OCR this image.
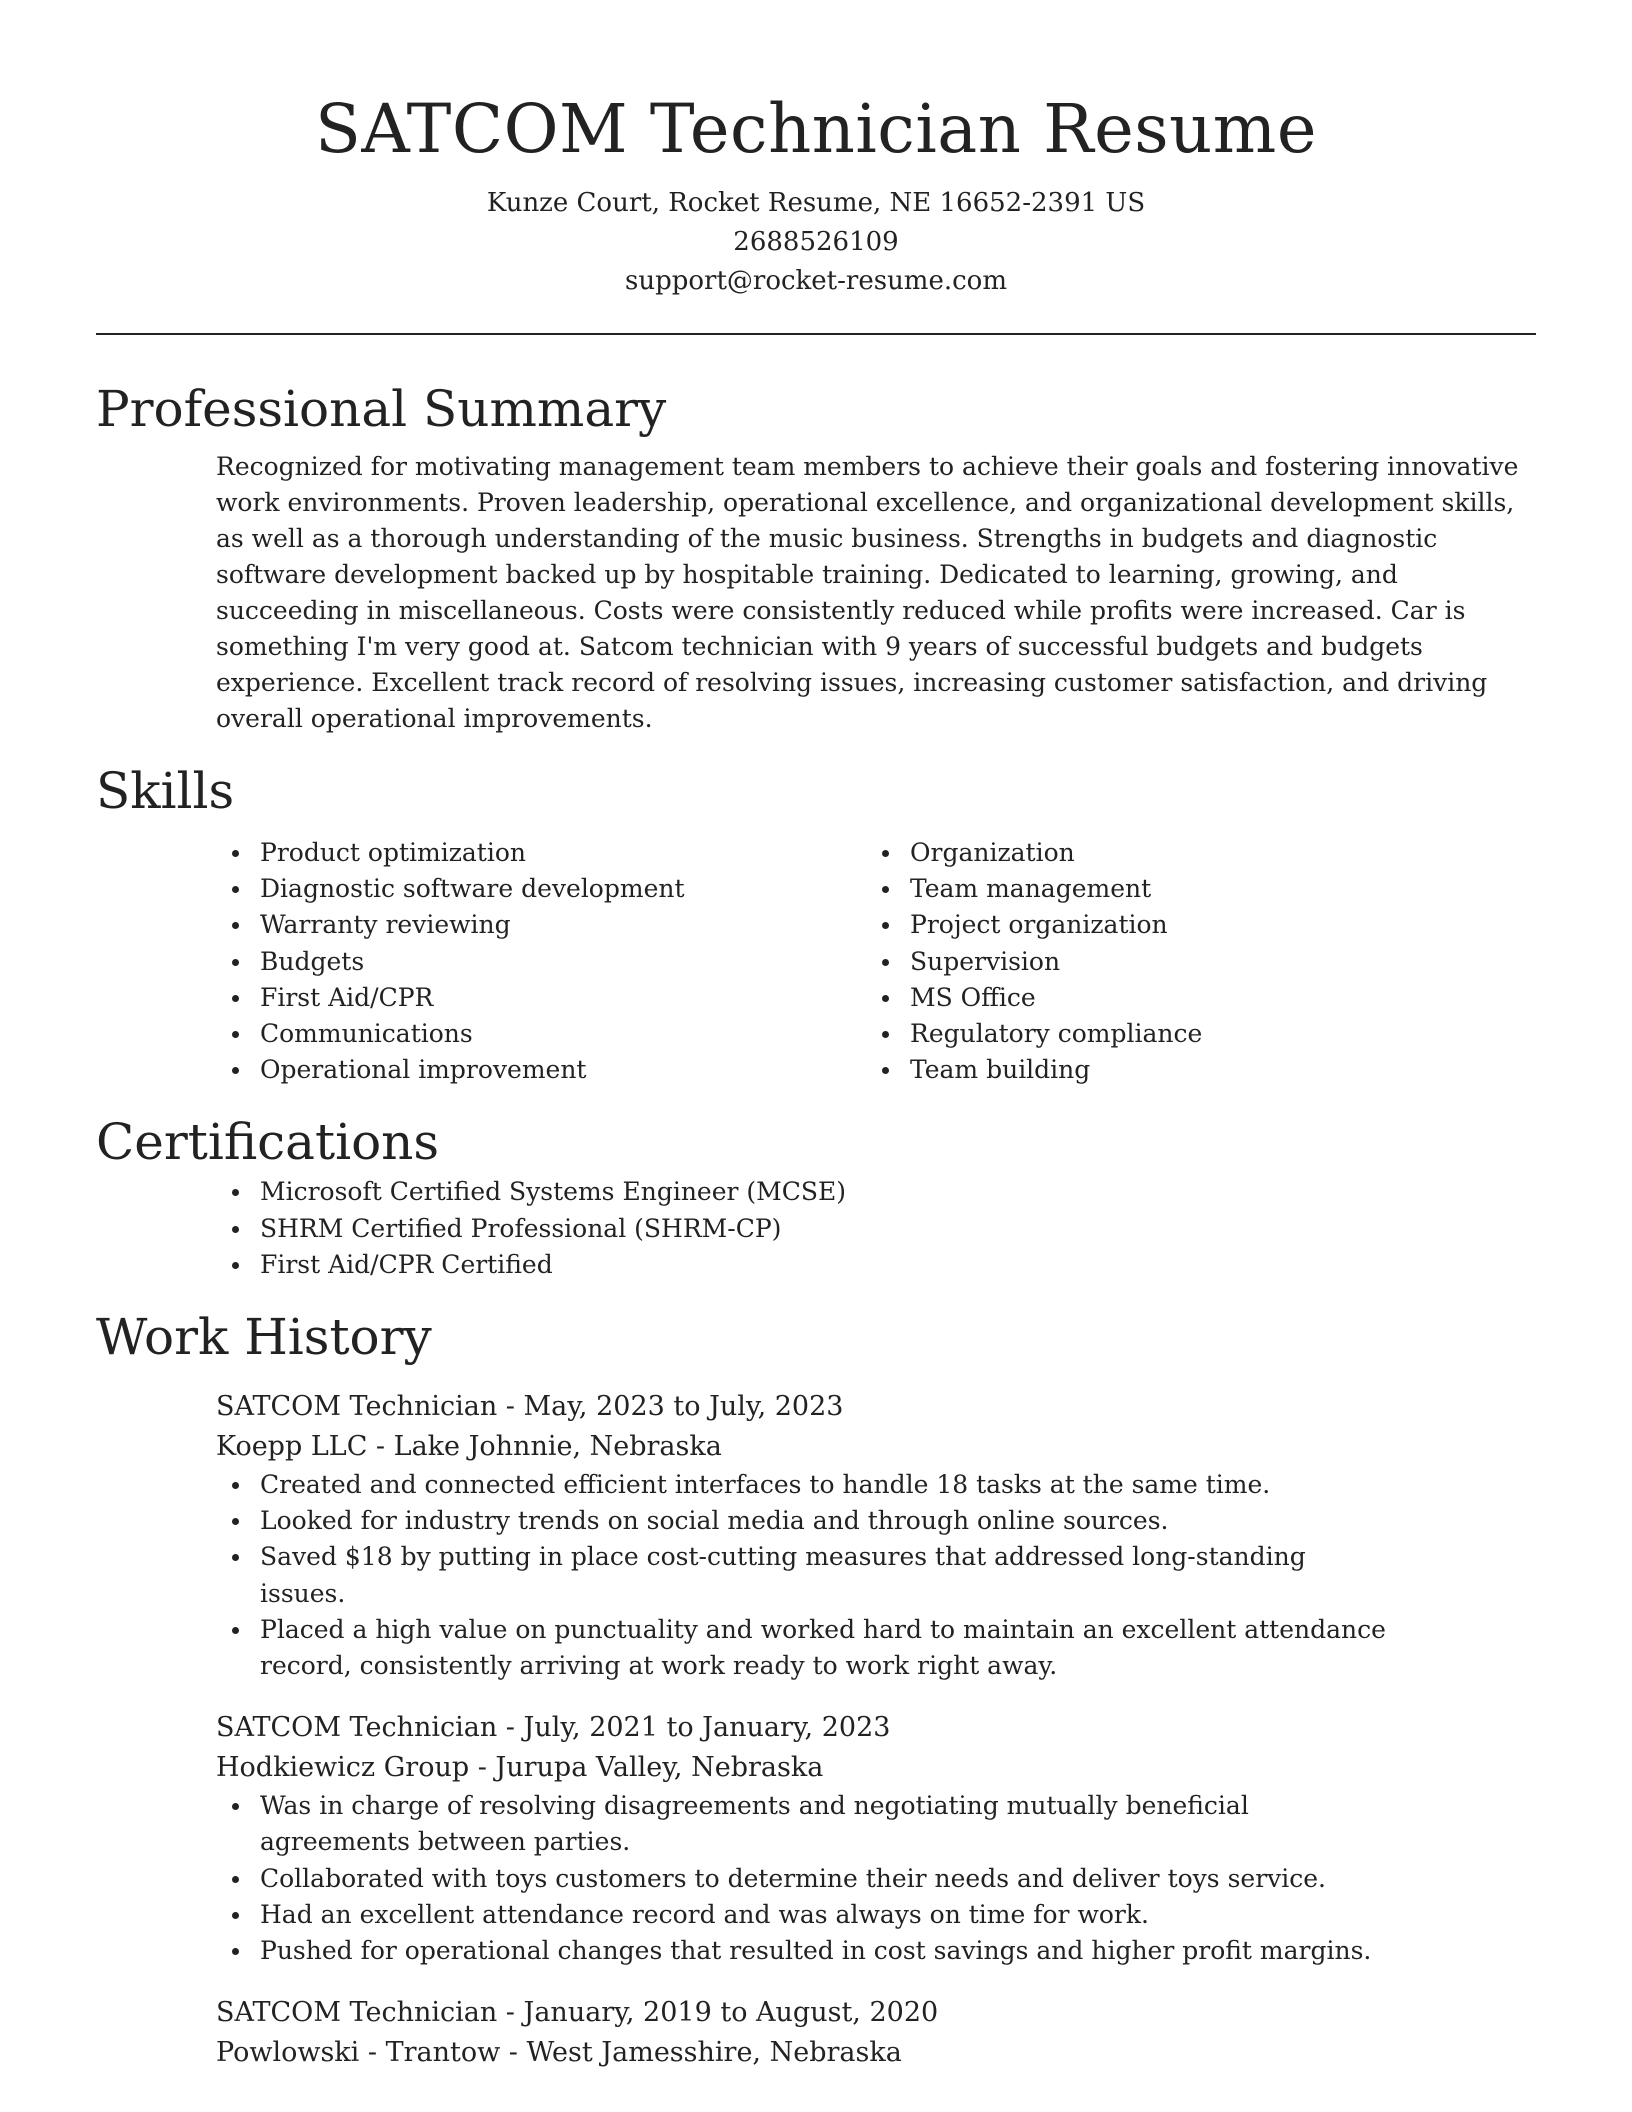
SATCOM Technician Resume
Kunze Court, Rocket Resume, NE 16652-2391 US
2688526109
support@rocket-resume.com
Professional Summary

Recognized for motivating management team members to achieve their goals and fostering innovative work environments. Proven leadership, operational excellence, and organizational development skills, as well as a thorough understanding of the music business. Strengths in budgets and diagnostic software development backed up by hospitable training. Dedicated to learning, growing, and succeeding in miscellaneous. Costs were consistently reduced while profits were increased. Car is something I'm very good at. Satcom technician with 9 years of successful budgets and budgets experience. Excellent track record of resolving issues, increasing customer satisfaction, and driving overall operational improvements.

Skills
Product optimization
Diagnostic software development
Warranty reviewing
Budgets
First Aid/CPR
Communications
Operational improvement
Organization
Team management
Project organization
Supervision
MS Office
Regulatory compliance
Team building
Certifications
Microsoft Certified Systems Engineer (MCSE)
SHRM Certified Professional (SHRM-CP)
First Aid/CPR Certified
Work History
SATCOM Technician - May, 2023 to July, 2023
Koepp LLC - Lake Johnnie, Nebraska
Created and connected efficient interfaces to handle 18 tasks at the same time.
Looked for industry trends on social media and through online sources.
Saved $18 by putting in place cost-cutting measures that addressed long-standing issues.
Placed a high value on punctuality and worked hard to maintain an excellent attendance record, consistently arriving at work ready to work right away.
SATCOM Technician - July, 2021 to January, 2023
Hodkiewicz Group - Jurupa Valley, Nebraska
Was in charge of resolving disagreements and negotiating mutually beneficial agreements between parties.
Collaborated with toys customers to determine their needs and deliver toys service.
Had an excellent attendance record and was always on time for work.
Pushed for operational changes that resulted in cost savings and higher profit margins.
SATCOM Technician - January, 2019 to August, 2020
Powlowski - Trantow - West Jamesshire, Nebraska
